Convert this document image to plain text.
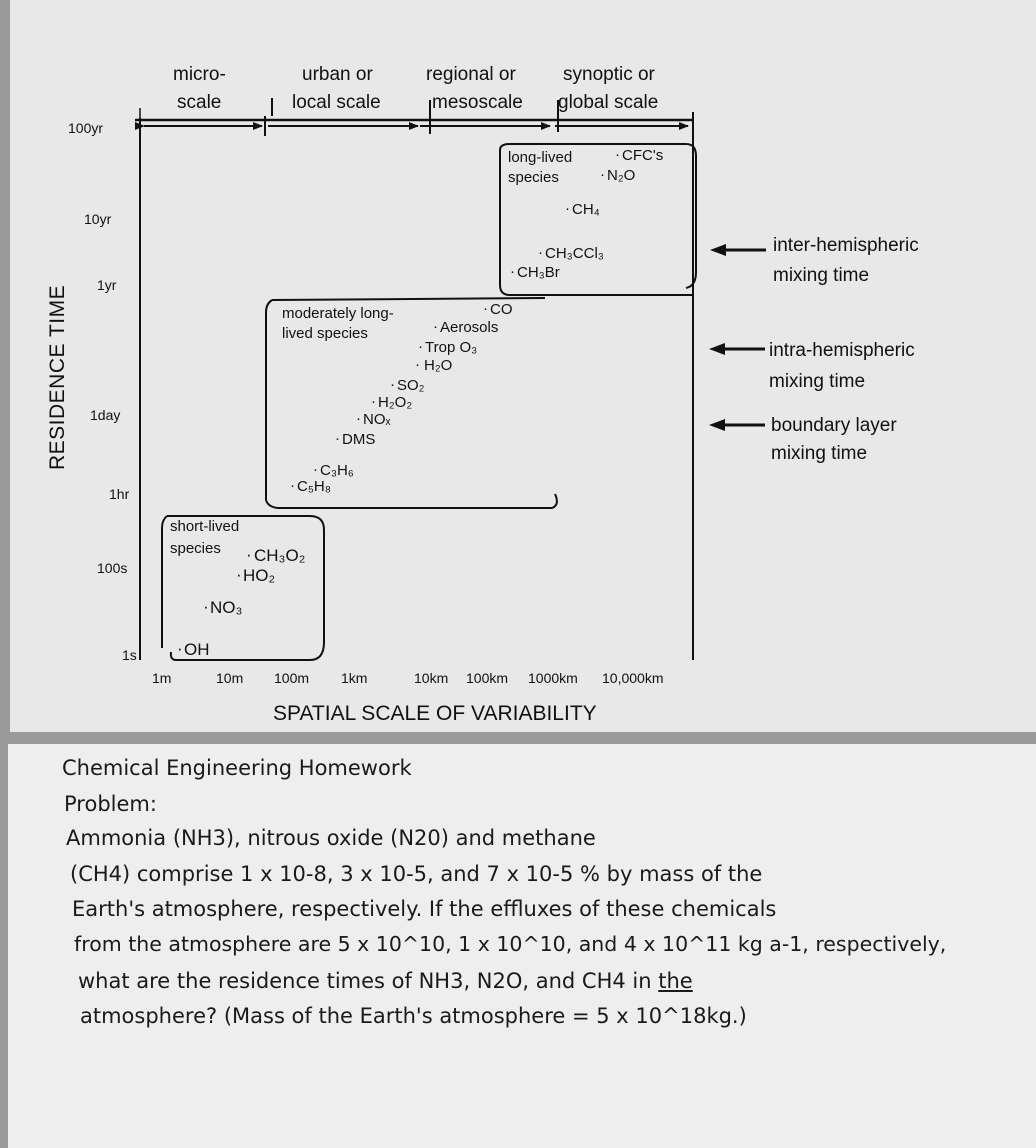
RESIDENCE TIME
100yr
10yr
1yr
1day
1hr
100s
1s
micro-
scale
urban or
local scale
regional or
mesoscale
synoptic or
global scale
long-lived
species
· CFC's
· N₂O
· CH₄
· CH₃CCl₃
· CH₃Br
moderately long-
lived species
· CO
· Aerosols
· Trop O₃
· H₂O
· SO₂
· H₂O₂
· NOₓ
· DMS
· C₃H₆
· C₅H₈
short-lived
species · CH₃O₂
· HO₂
· NO₃
· OH
1m	10m 100m 1km	10km 100km 1000km 10,000km
SPATIAL SCALE OF VARIABILITY
inter-hemispheric
mixing time
intra-hemispheric
mixing time
boundary layer
mixing time
Chemical Engineering Homework
Problem:
Ammonia (NH3), nitrous oxide (N20) and methane
(CH4) comprise 1 x 10-8, 3 x 10-5, and 7 x 10-5 % by mass of the
Earth's atmosphere, respectively. If the effluxes of these chemicals
from the atmosphere are 5 x 10^10, 1 x 10^10, and 4 x 10^11 kg a-1, respectively,
what are the residence times of NH3, N2O, and CH4 in the
atmosphere? (Mass of the Earth's atmosphere = 5 x 10^18kg.)
